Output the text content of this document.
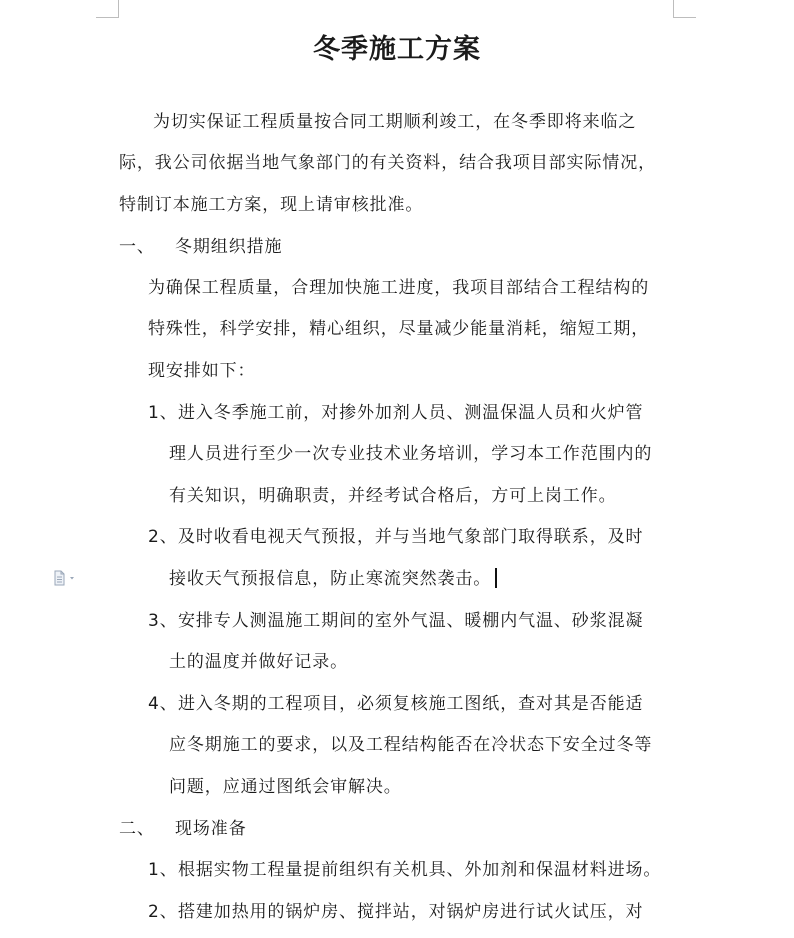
冬季施工方案
为切实保证工程质量按合同工期顺利竣工，在冬季即将来临之
际，我公司依据当地气象部门的有关资料，结合我项目部实际情况，
特制订本施工方案，现上请审核批准。
一、 冬期组织措施
为确保工程质量，合理加快施工进度，我项目部结合工程结构的
特殊性，科学安排，精心组织，尽量减少能量消耗，缩短工期，
现安排如下：
1、进入冬季施工前，对掺外加剂人员、测温保温人员和火炉管
理人员进行至少一次专业技术业务培训，学习本工作范围内的
有关知识，明确职责，并经考试合格后，方可上岗工作。
2、及时收看电视天气预报，并与当地气象部门取得联系，及时
接收天气预报信息，防止寒流突然袭击。
3、安排专人测温施工期间的室外气温、暖棚内气温、砂浆混凝
土的温度并做好记录。
4、进入冬期的工程项目，必须复核施工图纸，查对其是否能适
应冬期施工的要求，以及工程结构能否在冷状态下安全过冬等
问题，应通过图纸会审解决。
二、 现场准备
1、根据实物工程量提前组织有关机具、外加剂和保温材料进场。
2、搭建加热用的锅炉房、搅拌站，对锅炉房进行试火试压，对
